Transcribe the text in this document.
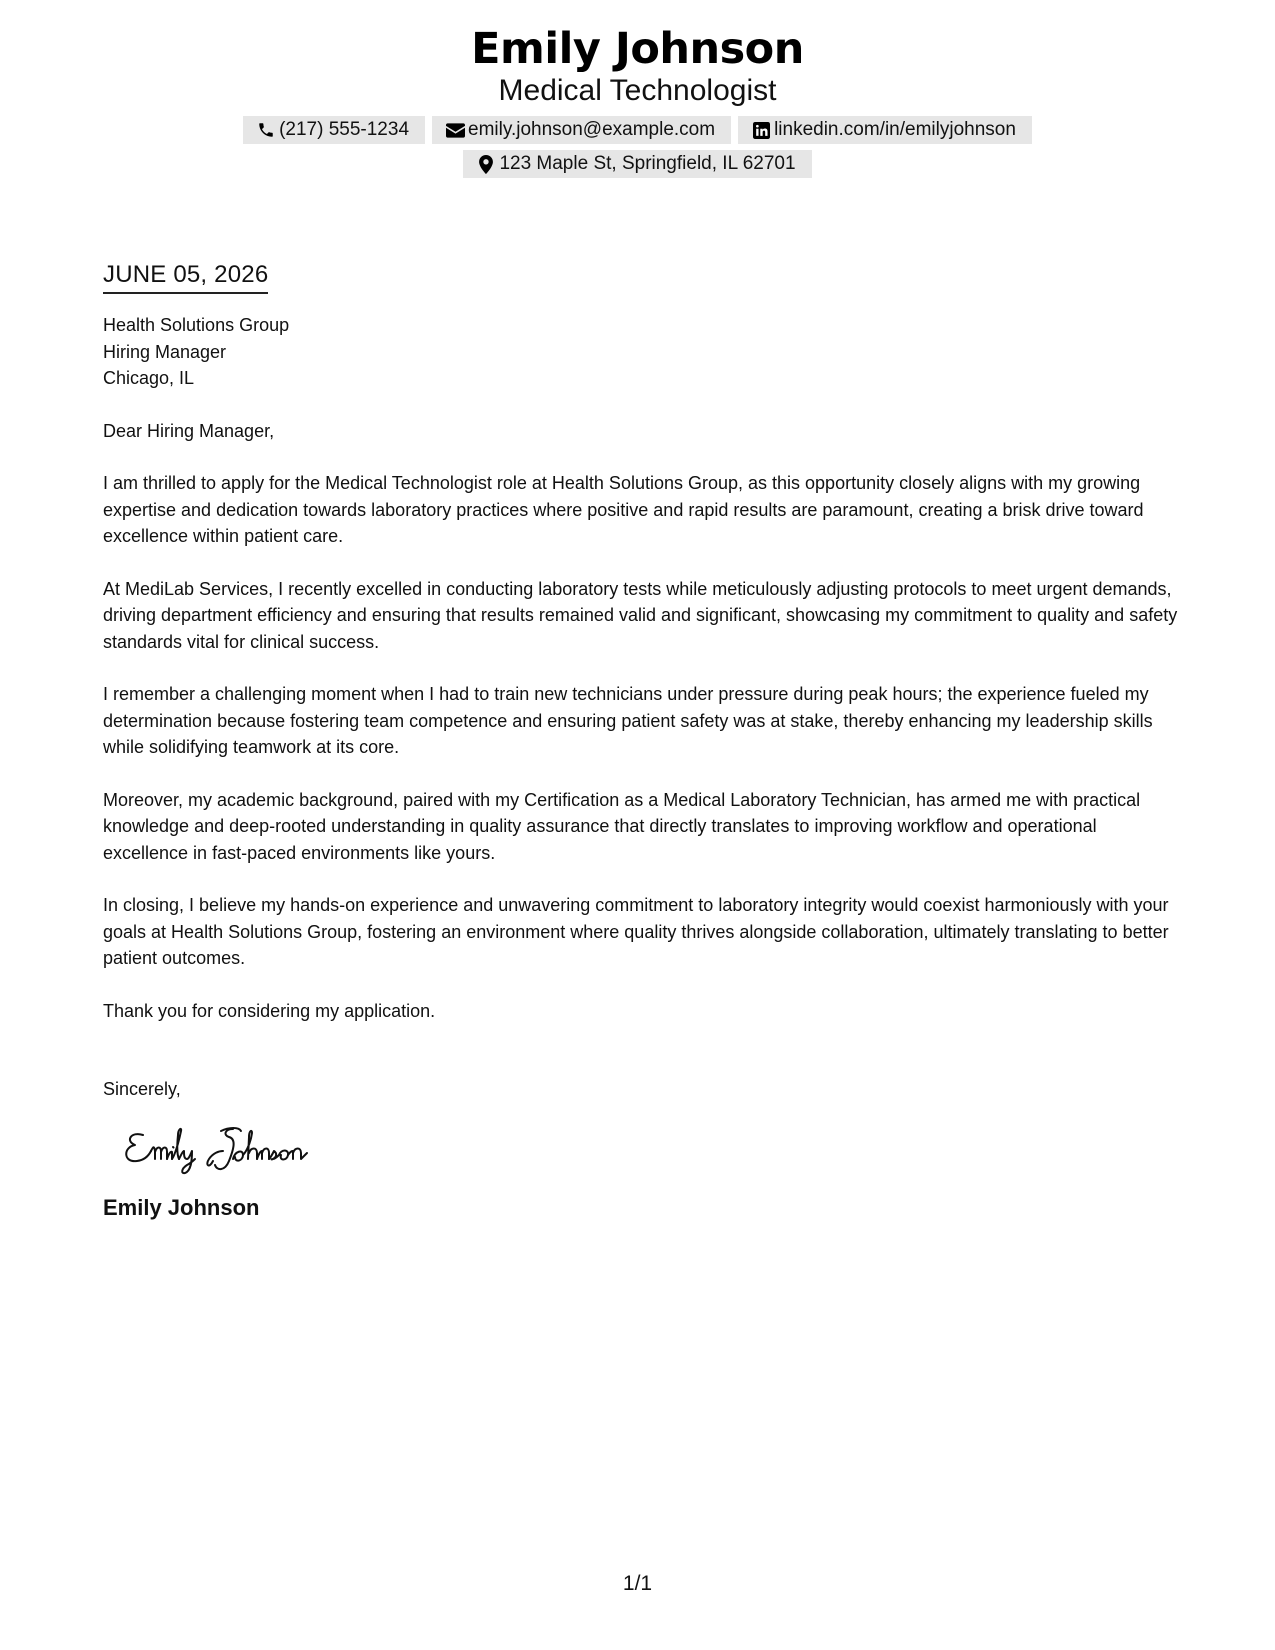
Emily Johnson
Medical Technologist
(217) 555-1234	emily.johnson@example.com	linkedin.com/in/emilyjohnson
123 Maple St, Springfield, IL 62701
JUNE 05, 2026
Health Solutions Group
Hiring Manager
Chicago, IL
Dear Hiring Manager,
I am thrilled to apply for the Medical Technologist role at Health Solutions Group, as this opportunity closely aligns with my growing expertise and dedication towards laboratory practices where positive and rapid results are paramount, creating a brisk drive toward excellence within patient care.
At MediLab Services, I recently excelled in conducting laboratory tests while meticulously adjusting protocols to meet urgent demands, driving department efficiency and ensuring that results remained valid and significant, showcasing my commitment to quality and safety standards vital for clinical success.
I remember a challenging moment when I had to train new technicians under pressure during peak hours; the experience fueled my determination because fostering team competence and ensuring patient safety was at stake, thereby enhancing my leadership skills while solidifying teamwork at its core.
Moreover, my academic background, paired with my Certification as a Medical Laboratory Technician, has armed me with practical knowledge and deep-rooted understanding in quality assurance that directly translates to improving workflow and operational excellence in fast-paced environments like yours.
In closing, I believe my hands-on experience and unwavering commitment to laboratory integrity would coexist harmoniously with your goals at Health Solutions Group, fostering an environment where quality thrives alongside collaboration, ultimately translating to better patient outcomes.
Thank you for considering my application.
Sincerely,
Emily Johnson
1/1
